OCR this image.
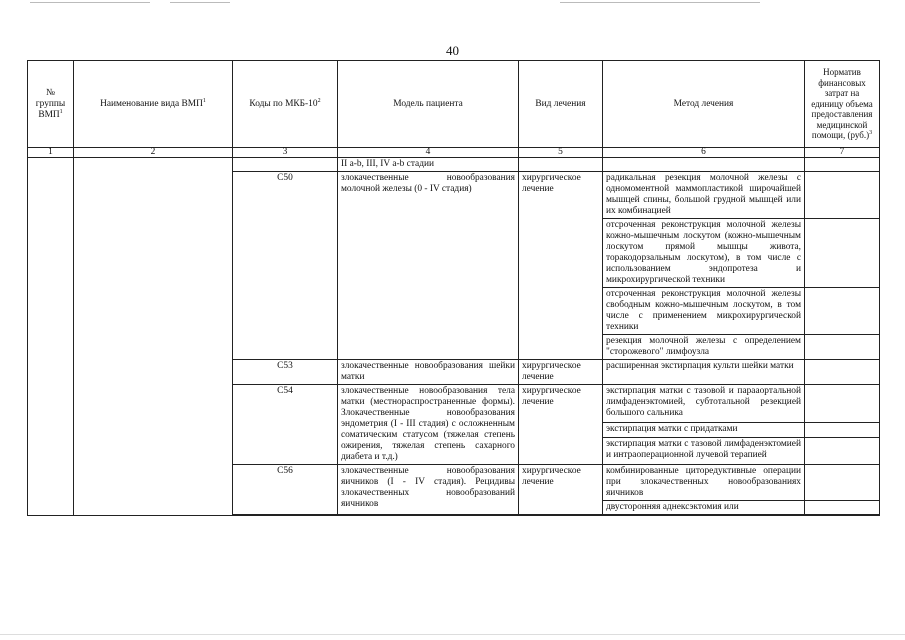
40
№ группы ВМП$^1$	Наименование вида ВМП$^1$	Коды по МКБ-$10^2$	Модель пациента	Вид лечения	Метод лечения	Норматив финансовых затрат на единицу объема предоставления медицинской помощи, $(руб.)^3$
1	2	3	4	5	6	7
			II a-b, III, IV a-b стадии			
		C50	злокачественные новообразования молочной железы (0 - IV стадия)	хирургическое лечение	радикальная резекция молочной железы с одномоментной маммопластикой широчайшей мышцей спины, большой грудной мышцей или их комбинацией	
					отсроченная реконструкция молочной железы кожно-мышечным лоскутом (кожно-мышечным лоскутом прямой мышцы живота, торакодорзальным лоскутом), в том числе с использованием эндопротеза и микрохирургической техники	
					отсроченная реконструкция молочной железы свободным кожно-мышечным лоскутом, в том числе с применением микрохирургической техники	
					резекция молочной железы с определением "сторожевого" лимфоузла	
		C53	злокачественные новообразования шейки матки	хирургическое лечение	расширенная экстирпация культи шейки матки	
		C54	злокачественные новообразования тела матки (местнораспространенные формы). Злокачественные новообразования эндометрия (I - III стадия) с осложненным соматическим статусом (тяжелая степень ожирения, тяжелая степень сахарного диабета и т.д.)	хирургическое лечение	экстирпация матки с тазовой и парааортальной лимфаденэктомией, субтотальной резекцией большого сальника	
					экстирпация матки с придатками	
					экстирпация матки с тазовой лимфаденэктомией и интраоперационной лучевой терапией	
		C56	злокачественные новообразования яичников (I - IV стадия). Рецидивы злокачественных новообразований яичников	хирургическое лечение	комбинированные циторедуктивные операции при злокачественных новообразованиях яичников	
					двусторонняя аднексэктомия или	
